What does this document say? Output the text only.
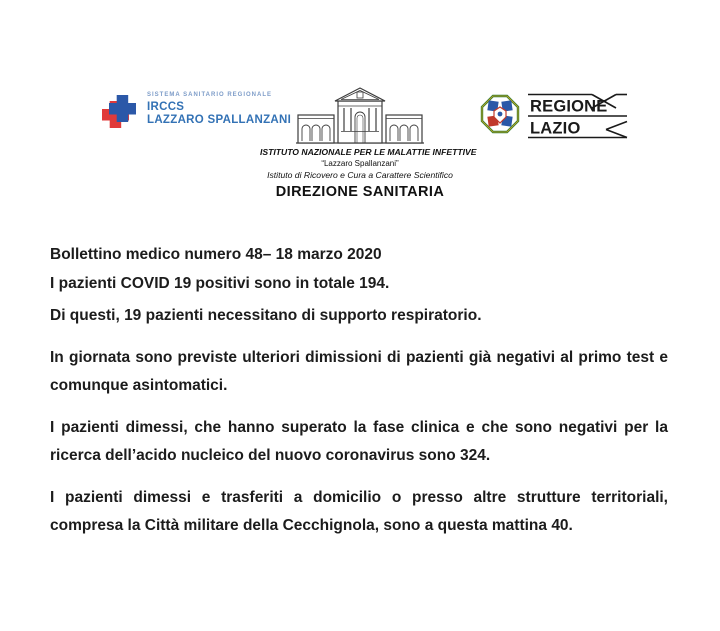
SISTEMA SANITARIO REGIONALE
IRCCS
LAZZARO SPALLANZANI
ISTITUTO NAZIONALE PER LE MALATTIE INFETTIVE
“Lazzaro Spallanzani”
Istituto di Ricovero e Cura a Carattere Scientifico
DIREZIONE SANITARIA
REGIONE
LAZIO

Bollettino medico numero 48– 18 marzo 2020

I pazienti COVID 19 positivi sono in totale 194.

Di questi, 19 pazienti necessitano di supporto respiratorio.

In giornata sono previste ulteriori dimissioni di pazienti già negativi al primo test e comunque asintomatici.

I pazienti dimessi, che hanno superato la fase clinica e che sono negativi per la ricerca dell’acido nucleico del nuovo coronavirus sono 324.

I pazienti dimessi e trasferiti a domicilio o presso altre strutture territoriali, compresa la Città militare della Cecchignola, sono a questa mattina 40.
